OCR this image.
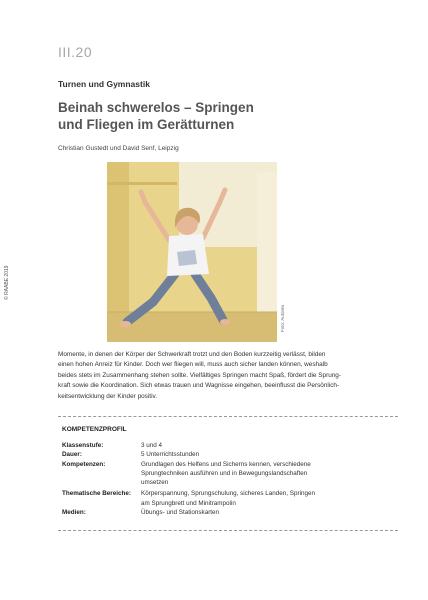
III.20
Turnen und Gymnastik
Beinah schwerelos – Springen
und Fliegen im Gerätturnen
Christian Gustedt und David Senf, Leipzig
© RAABE 2019
Foto: Autoren

Momente, in denen der Körper der Schwerkraft trotzt und den Boden kurzzeitig verlässt, bilden

einen hohen Anreiz für Kinder. Doch wer fliegen will, muss auch sicher landen können, weshalb

beides stets im Zusammenhang stehen sollte. Vielfältiges Springen macht Spaß, fördert die Sprung-

kraft sowie die Koordination. Sich etwas trauen und Wagnisse eingehen, beeinflusst die Persönlich-

keitsentwicklung der Kinder positiv.

KOMPETENZPROFIL
Klassenstufe:	3 und 4

Dauer:	5 Unterrichtsstunden

Kompetenzen:	Grundlagen des Helfens und Sicherns kennen, verschiedene
Sprungtechniken ausführen und in Bewegungslandschaften
umsetzen

Thematische Bereiche:	Körperspannung, Sprungschulung, sicheres Landen, Springen
am Sprungbrett und Minitrampolin

Medien:	Übungs- und Stationskarten
